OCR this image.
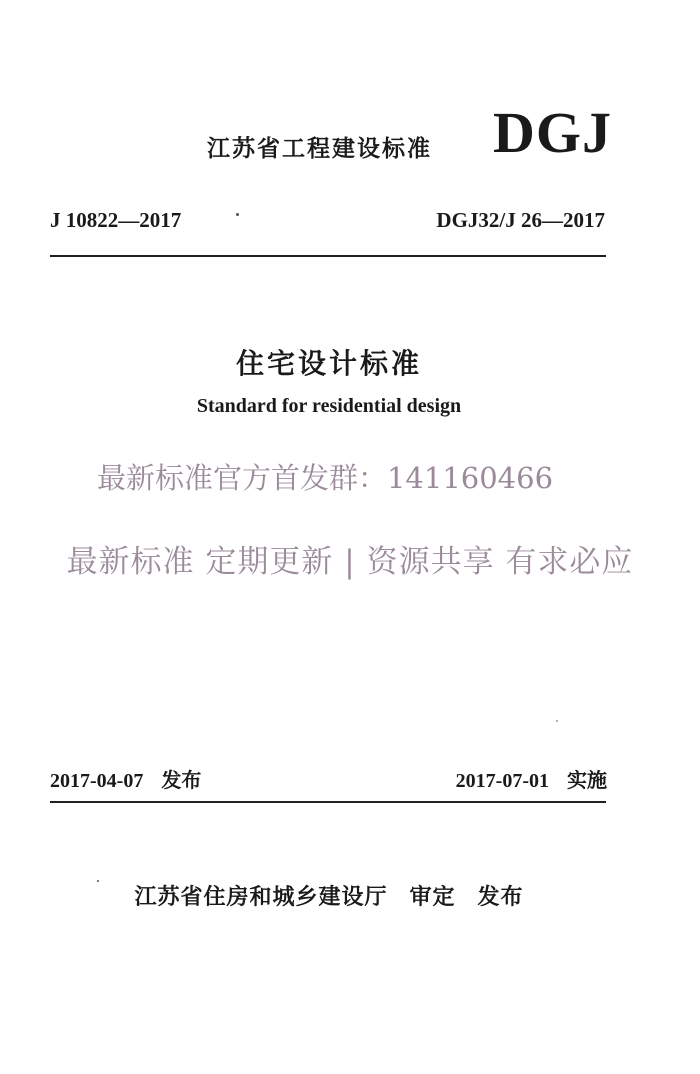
江苏省工程建设标准 DGJ
J 10822—2017	DGJ32/J 26—2017
住宅设计标准
Standard for residential design
最新标准官方首发群：141160466
最新标准 定期更新 | 资源共享 有求必应
2017-04-07 发布	2017-07-01 实施
江苏省住房和城乡建设厅 审定 发布
